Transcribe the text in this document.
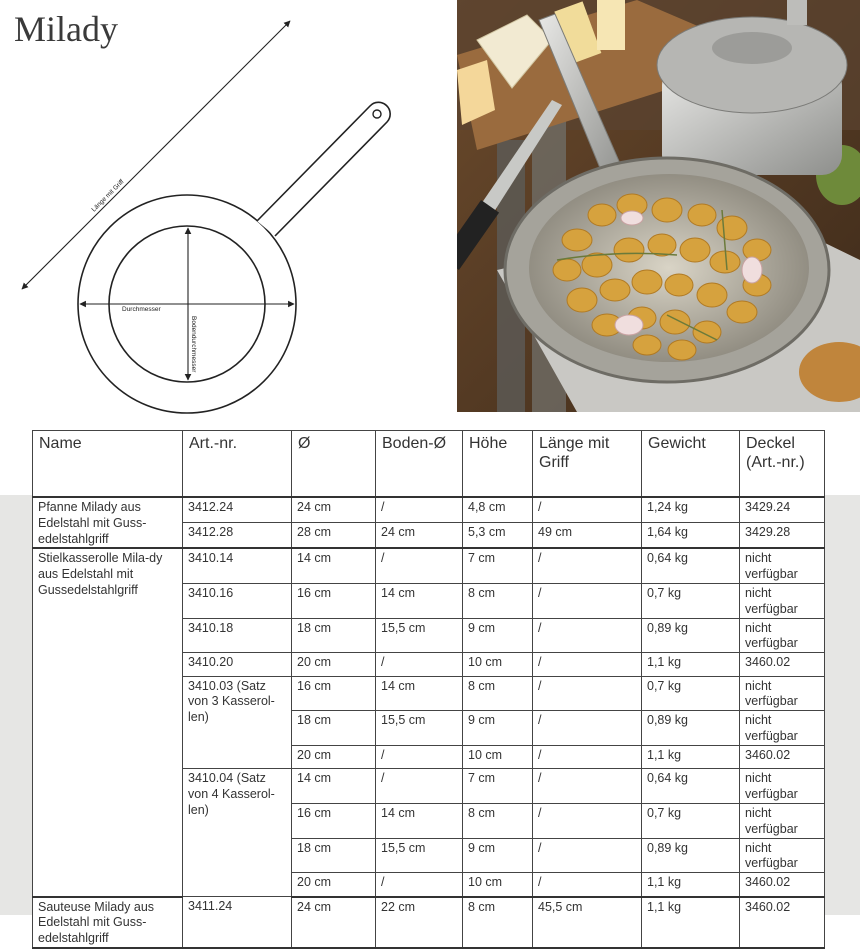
Milady
Länge mit Griff
Durchmesser
Bodendurchmesser
Name	Art.-nr.	Ø	Boden-Ø	Höhe	Länge mit Griff	Gewicht	Deckel (Art.-nr.)
Pfanne Milady aus Edelstahl mit Guss-edelstahlgriff	3412.24	24 cm	/	4,8 cm	/	1,24 kg	3429.24
	3412.28	28 cm	24 cm	5,3 cm	49 cm	1,64 kg	3429.28
Stielkasserolle Mila-dy aus Edelstahl mit Gussedelstahlgriff	3410.14	14 cm	/	7 cm	/	0,64 kg	nicht verfügbar
	3410.16	16 cm	14 cm	8 cm	/	0,7 kg	nicht verfügbar
	3410.18	18 cm	15,5 cm	9 cm	/	0,89 kg	nicht verfügbar
	3410.20	20 cm	/	10 cm	/	1,1 kg	3460.02
	3410.03 (Satz von 3 Kasserol-len)	16 cm	14 cm	8 cm	/	0,7 kg	nicht verfügbar
		18 cm	15,5 cm	9 cm	/	0,89 kg	nicht verfügbar
		20 cm	/	10 cm	/	1,1 kg	3460.02
	3410.04 (Satz von 4 Kasserol-len)	14 cm	/	7 cm	/	0,64 kg	nicht verfügbar
		16 cm	14 cm	8 cm	/	0,7 kg	nicht verfügbar
		18 cm	15,5 cm	9 cm	/	0,89 kg	nicht verfügbar
		20 cm	/	10 cm	/	1,1 kg	3460.02
Sauteuse Milady aus Edelstahl mit Guss-edelstahlgriff	3411.24	24 cm	22 cm	8 cm	45,5 cm	1,1 kg	3460.02
